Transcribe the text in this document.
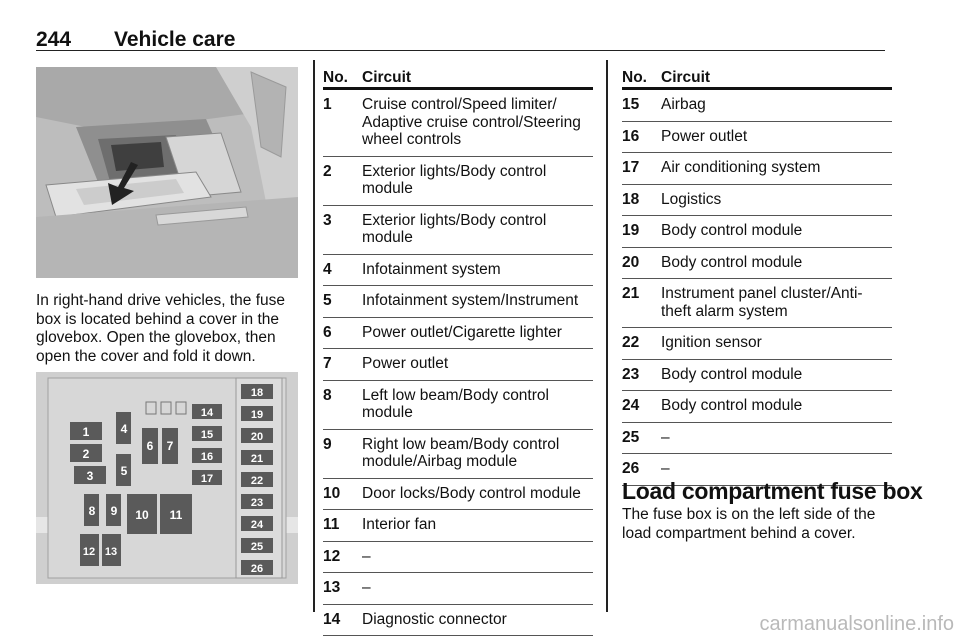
244 Vehicle care
In right-hand drive vehicles, the fuse box is located behind a cover in the glovebox. Open the glovebox, then open the cover and fold it down.
1
2
3
4
5
6 7
14
15
16
17
8 9 10 11
12 13
18
19
20
21
22
23
24
25
26
No. Circuit
1 Cruise control/Speed limiter/ Adaptive cruise control/Steering wheel controls
2 Exterior lights/Body control module
3 Exterior lights/Body control module
4 Infotainment system
5 Infotainment system/Instrument
6 Power outlet/Cigarette lighter
7 Power outlet
8 Left low beam/Body control module
9 Right low beam/Body control module/Airbag module
10 Door locks/Body control module
11 Interior fan
12 –
13 –
14 Diagnostic connector
No. Circuit
15 Airbag
16 Power outlet
17 Air conditioning system
18 Logistics
19 Body control module
20 Body control module
21 Instrument panel cluster/Anti- theft alarm system
22 Ignition sensor
23 Body control module
24 Body control module
25 –
26 –
Load compartment fuse box
The fuse box is on the left side of the load compartment behind a cover.
carmanualsonline.info
